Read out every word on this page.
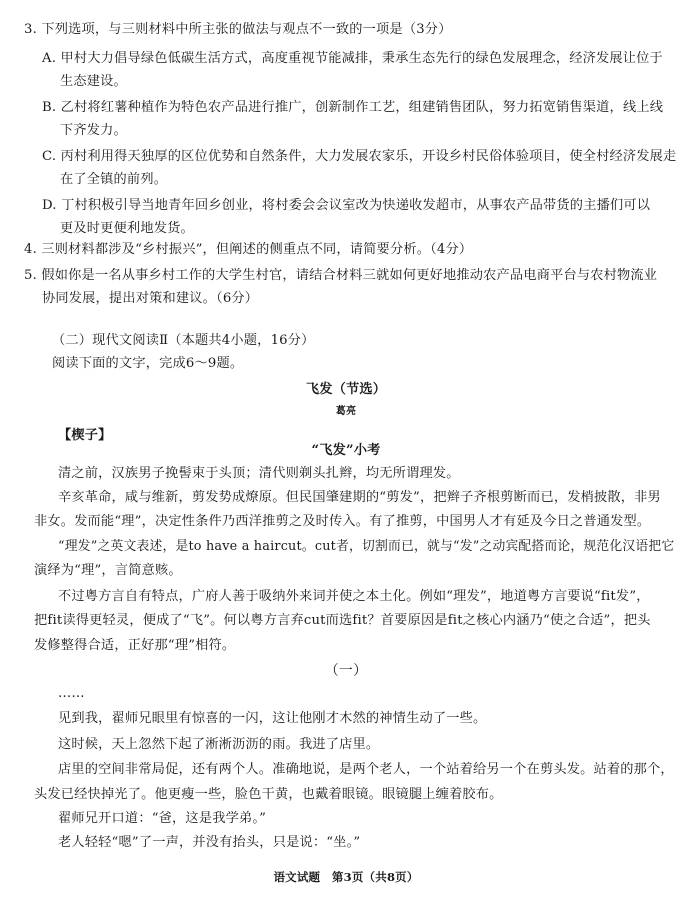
3. 下列选项，与三则材料中所主张的做法与观点不一致的一项是（3分）
A. 甲村大力倡导绿色低碳生活方式，高度重视节能减排，秉承生态先行的绿色发展理念，经济发展让位于
生态建设。
B. 乙村将红薯种植作为特色农产品进行推广，创新制作工艺，组建销售团队，努力拓宽销售渠道，线上线
下齐发力。
C. 丙村利用得天独厚的区位优势和自然条件，大力发展农家乐，开设乡村民俗体验项目，使全村经济发展走
在了全镇的前列。
D. 丁村积极引导当地青年回乡创业，将村委会会议室改为快递收发超市，从事农产品带货的主播们可以
更及时更便利地发货。
4. 三则材料都涉及“乡村振兴”，但阐述的侧重点不同，请简要分析。（4分）
5. 假如你是一名从事乡村工作的大学生村官，请结合材料三就如何更好地推动农产品电商平台与农村物流业
协同发展，提出对策和建议。（6分）
（二）现代文阅读Ⅱ（本题共4小题，16分）
阅读下面的文字，完成6～9题。
飞发（节选）
葛亮
【楔子】
“飞发”小考
清之前，汉族男子挽髻束于头顶；清代则剃头扎辫，均无所谓理发。
辛亥革命，咸与维新，剪发势成燎原。但民国肇建期的“剪发”，把辫子齐根剪断而已，发梢披散，非男
非女。发而能“理”，决定性条件乃西洋推剪之及时传入。有了推剪，中国男人才有延及今日之普通发型。
“理发”之英文表述，是to have a haircut。cut者，切割而已，就与“发”之动宾配搭而论，规范化汉语把它
演绎为“理”，言简意赅。
不过粤方言自有特点，广府人善于吸纳外来词并使之本土化。例如“理发”，地道粤方言要说“fit发”，
把fit读得更轻灵，便成了“飞”。何以粤方言弃cut而选fit？首要原因是fit之核心内涵乃“使之合适”，把头
发修整得合适，正好那“理”相符。
（一）
……
见到我，翟师兄眼里有惊喜的一闪，这让他刚才木然的神情生动了一些。
这时候，天上忽然下起了淅淅沥沥的雨。我进了店里。
店里的空间非常局促，还有两个人。准确地说，是两个老人，一个站着给另一个在剪头发。站着的那个，
头发已经快掉光了。他更瘦一些，脸色干黄，也戴着眼镜。眼镜腿上缠着胶布。
翟师兄开口道：“爸，这是我学弟。”
老人轻轻“嗯”了一声，并没有抬头，只是说：“坐。”
语文试题　第3页（共8页）
